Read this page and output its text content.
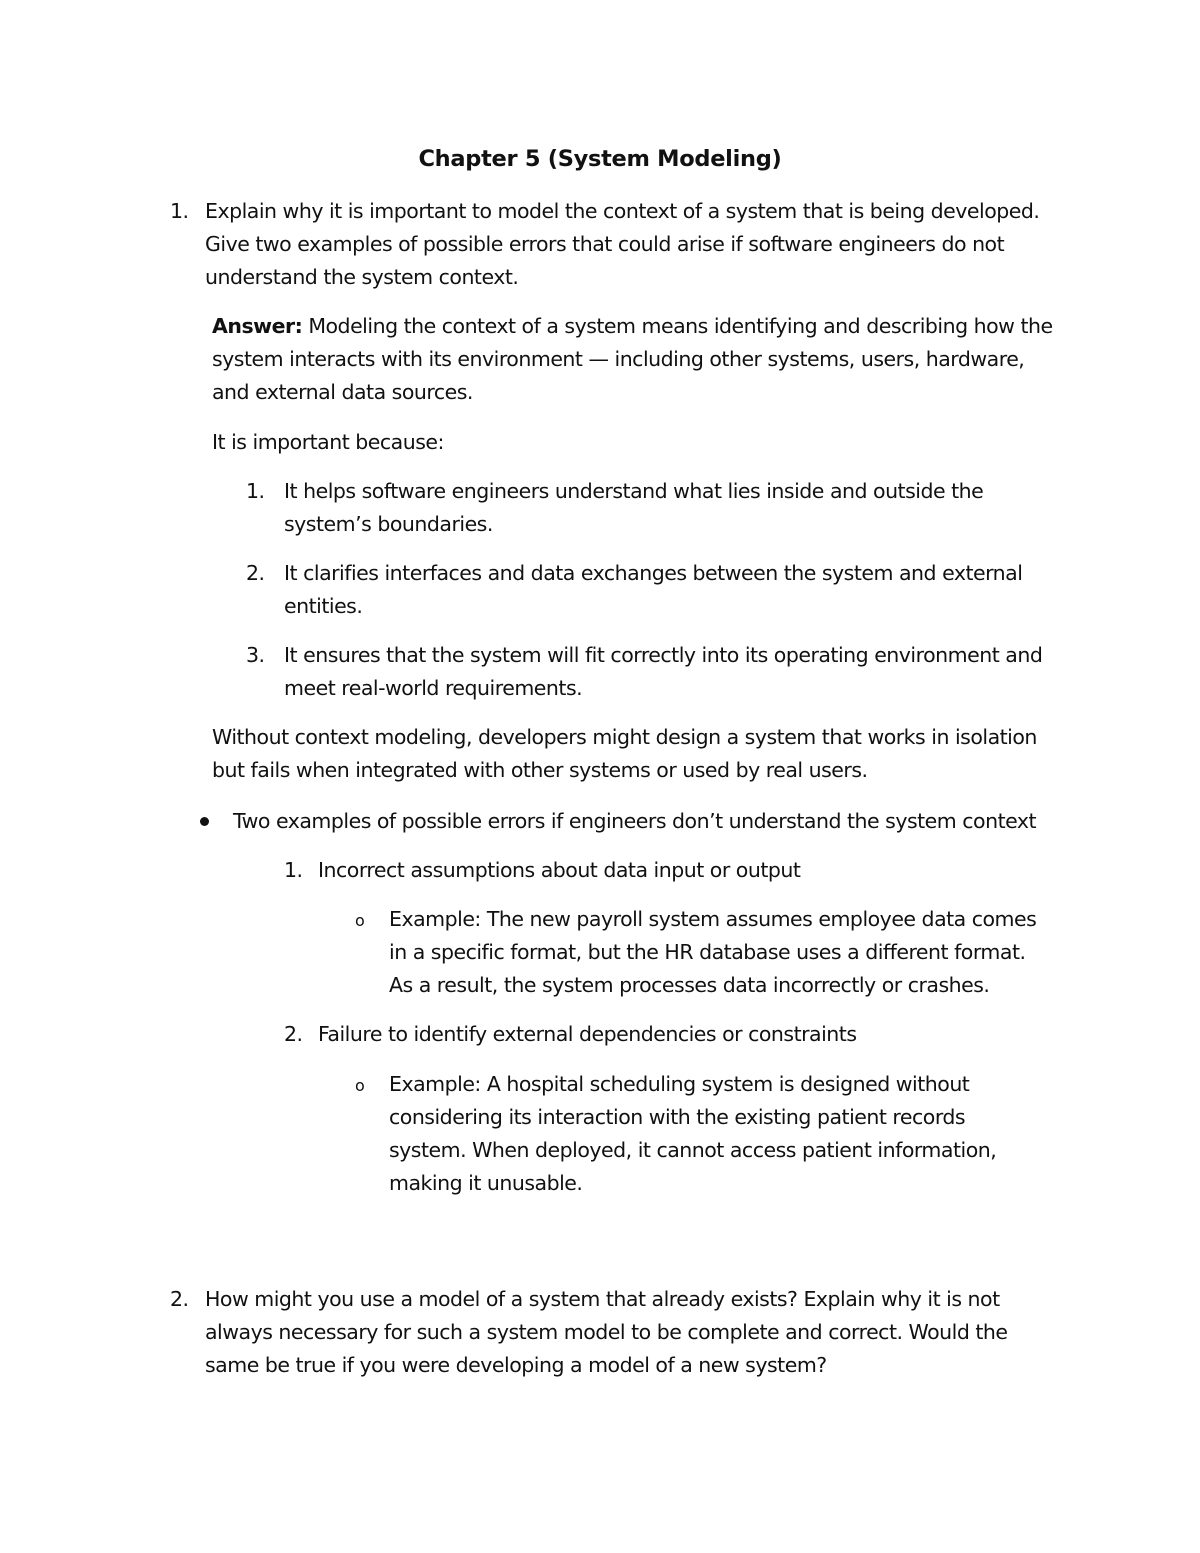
Chapter 5 (System Modeling)
1. Explain why it is important to model the context of a system that is being developed.
Give two examples of possible errors that could arise if software engineers do not
understand the system context.
Answer: Modeling the context of a system means identifying and describing how the
system interacts with its environment — including other systems, users, hardware,
and external data sources.
It is important because:
1. It helps software engineers understand what lies inside and outside the
system’s boundaries.
2. It clarifies interfaces and data exchanges between the system and external
entities.
3. It ensures that the system will fit correctly into its operating environment and
meet real-world requirements.
Without context modeling, developers might design a system that works in isolation
but fails when integrated with other systems or used by real users.
Two examples of possible errors if engineers don’t understand the system context
1. Incorrect assumptions about data input or output
o Example: The new payroll system assumes employee data comes
in a specific format, but the HR database uses a different format.
As a result, the system processes data incorrectly or crashes.
2. Failure to identify external dependencies or constraints
o Example: A hospital scheduling system is designed without
considering its interaction with the existing patient records
system. When deployed, it cannot access patient information,
making it unusable.
2. How might you use a model of a system that already exists? Explain why it is not
always necessary for such a system model to be complete and correct. Would the
same be true if you were developing a model of a new system?
